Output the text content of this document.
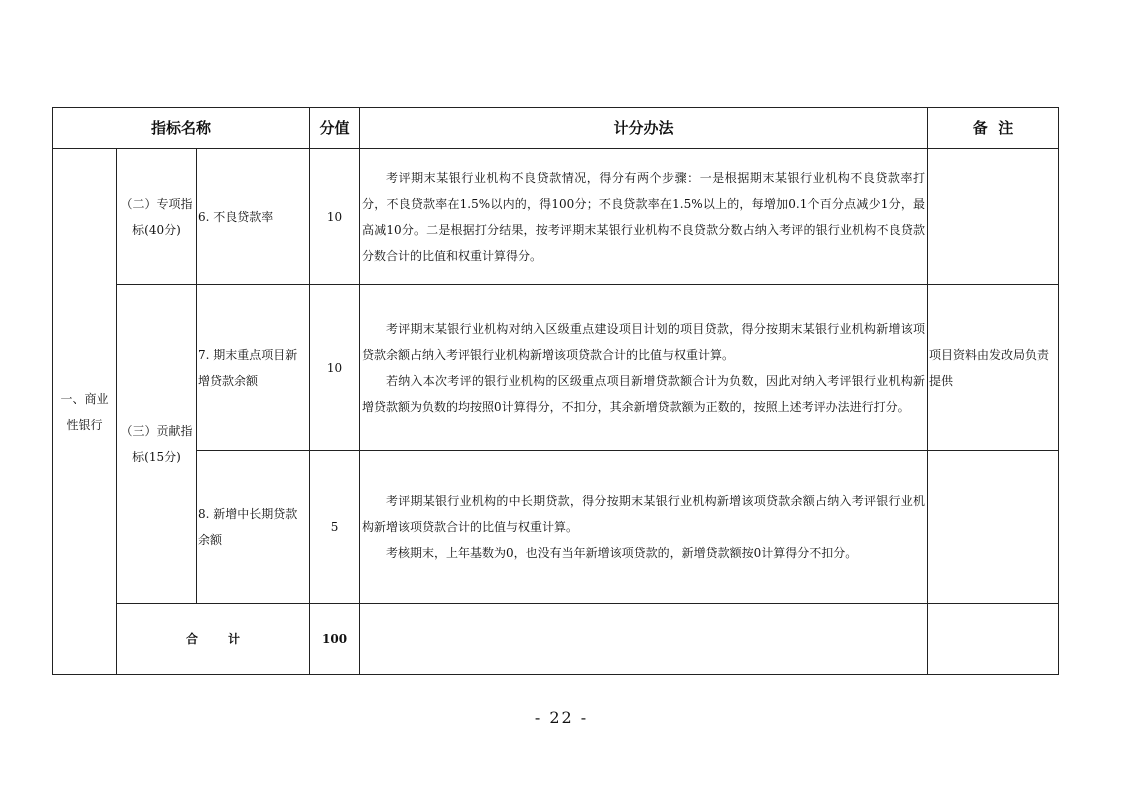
指标名称			分值	计分办法	备  注
一、商业性银行	（二）专项指标(40分)	6. 不良贷款率	10	考评期末某银行业机构不良贷款情况，得分有两个步骤：一是根据期末某银行业机构不良贷款率打分，不良贷款率在1.5%以内的，得100分；不良贷款率在1.5%以上的，每增加0.1个百分点减少1分，最高减10分。二是根据打分结果，按考评期末某银行业机构不良贷款分数占纳入考评的银行业机构不良贷款分数合计的比值和权重计算得分。	

	（三）贡献指标(15分)	7. 期末重点项目新增贷款余额	10	考评期末某银行业机构对纳入区级重点建设项目计划的项目贷款，得分按期末某银行业机构新增该项贷款余额占纳入考评银行业机构新增该项贷款合计的比值与权重计算。

若纳入本次考评的银行业机构的区级重点项目新增贷款额合计为负数，因此对纳入考评银行业机构新增贷款额为负数的均按照0计算得分，不扣分，其余新增贷款额为正数的，按照上述考评办法进行打分。	项目资料由发改局负责提供
		8. 新增中长期贷款余额	5	考评期某银行业机构的中长期贷款，得分按期末某银行业机构新增该项贷款余额占纳入考评银行业机构新增该项贷款合计的比值与权重计算。

考核期末，上年基数为0，也没有当年新增该项贷款的，新增贷款额按0计算得分不扣分。	

	合计		100		
- 22 -
